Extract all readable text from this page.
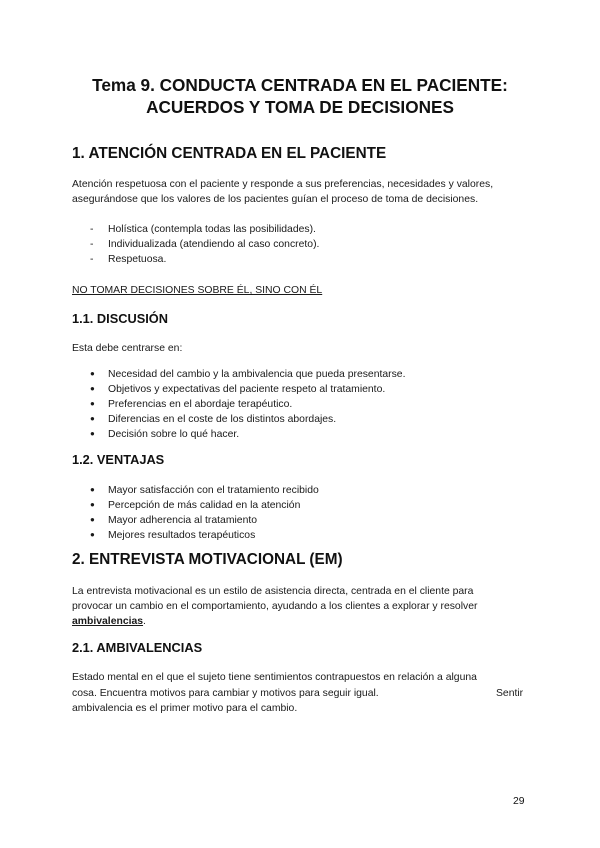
Tema 9. CONDUCTA CENTRADA EN EL PACIENTE:

ACUERDOS Y TOMA DE DECISIONES

1. ATENCIÓN CENTRADA EN EL PACIENTE

Atención respetuosa con el paciente y responde a sus preferencias, necesidades y valores,

asegurándose que los valores de los pacientes guían el proceso de toma de decisiones.

- Holística (contempla todas las posibilidades).

- Individualizada (atendiendo al caso concreto).

- Respetuosa.

NO TOMAR DECISIONES SOBRE ÉL, SINO CON ÉL

1.1. DISCUSIÓN

Esta debe centrarse en:

● Necesidad del cambio y la ambivalencia que pueda presentarse.

● Objetivos y expectativas del paciente respeto al tratamiento.

● Preferencias en el abordaje terapéutico.

● Diferencias en el coste de los distintos abordajes.

● Decisión sobre lo qué hacer.

1.2. VENTAJAS

● Mayor satisfacción con el tratamiento recibido

● Percepción de más calidad en la atención

● Mayor adherencia al tratamiento

● Mejores resultados terapéuticos

2. ENTREVISTA MOTIVACIONAL (EM)

La entrevista motivacional es un estilo de asistencia directa, centrada en el cliente para

provocar un cambio en el comportamiento, ayudando a los clientes a explorar y resolver

ambivalencias.

2.1. AMBIVALENCIAS

Estado mental en el que el sujeto tiene sentimientos contrapuestos en relación a alguna

cosa. Encuentra motivos para cambiar y motivos para seguir igual.	Sentir

ambivalencia es el primer motivo para el cambio.

29
